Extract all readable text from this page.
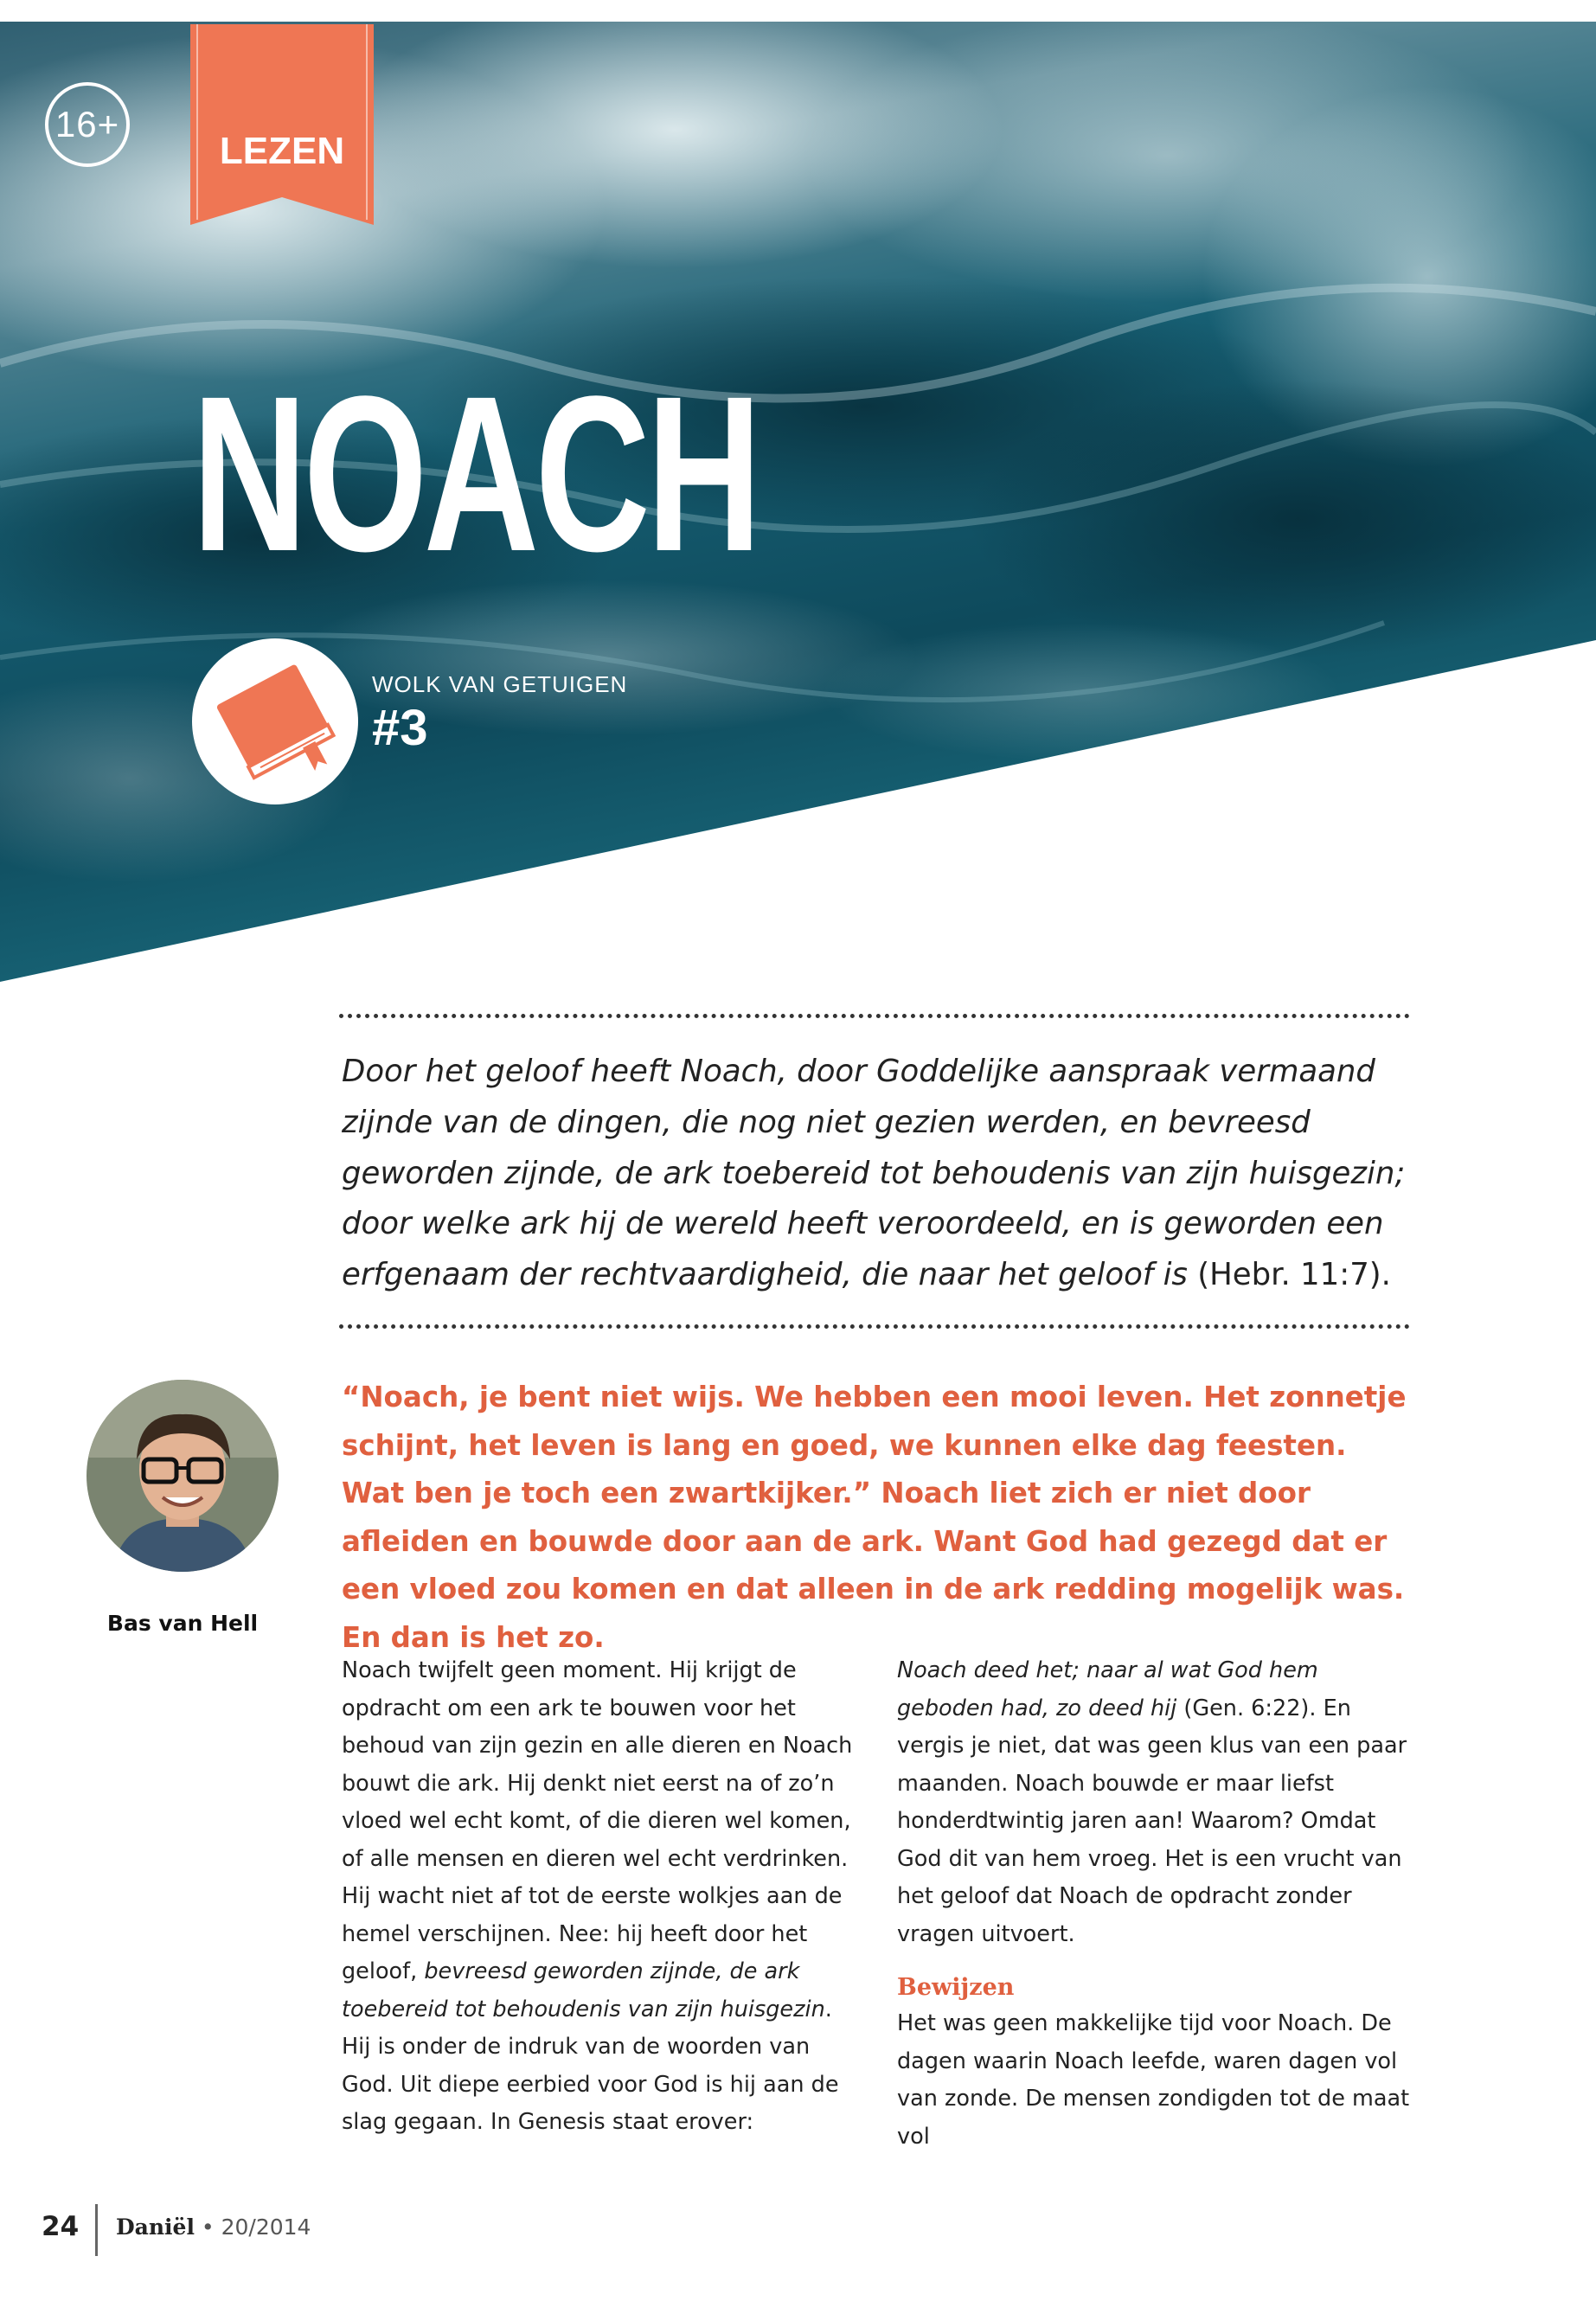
16+
LEZEN
NOACH
WOLK VAN GETUIGEN
#3

Door het geloof heeft Noach, door Goddelijke aanspraak vermaand zijnde van de dingen, die nog niet gezien werden, en bevreesd geworden zijnde, de ark toebereid tot behoudenis van zijn huisgezin; door welke ark hij de wereld heeft veroordeeld, en is geworden een erfgenaam der rechtvaardigheid, die naar het geloof is (Hebr. 11:7).

Bas van Hell

“Noach, je bent niet wijs. We hebben een mooi leven. Het zonnetje schijnt, het leven is lang en goed, we kunnen elke dag feesten. Wat ben je toch een zwartkijker.” Noach liet zich er niet door afleiden en bouwde door aan de ark. Want God had gezegd dat er een vloed zou komen en dat alleen in de ark redding mogelijk was. En dan is het zo.

Noach twijfelt geen moment. Hij krijgt de opdracht om een ark te bouwen voor het behoud van zijn gezin en alle dieren en Noach bouwt die ark. Hij denkt niet eerst na of zo’n vloed wel echt komt, of die dieren wel komen, of alle mensen en dieren wel echt verdrinken. Hij wacht niet af tot de eerste wolkjes aan de hemel verschijnen. Nee: hij heeft door het geloof, bevreesd geworden zijnde, de ark toebereid tot behoudenis van zijn huisgezin. Hij is onder de indruk van de woorden van God. Uit diepe eerbied voor God is hij aan de slag gegaan. In Genesis staat erover:

Noach deed het; naar al wat God hem geboden had, zo deed hij (Gen. 6:22). En vergis je niet, dat was geen klus van een paar maanden. Noach bouwde er maar liefst honderdtwintig jaren aan! Waarom? Omdat God dit van hem vroeg. Het is een vrucht van het geloof dat Noach de opdracht zonder vragen uitvoert.

Bewijzen

Het was geen makkelijke tijd voor Noach. De dagen waarin Noach leefde, waren dagen vol van zonde. De mensen zondigden tot de maat vol

24 Daniël • 20/2014
